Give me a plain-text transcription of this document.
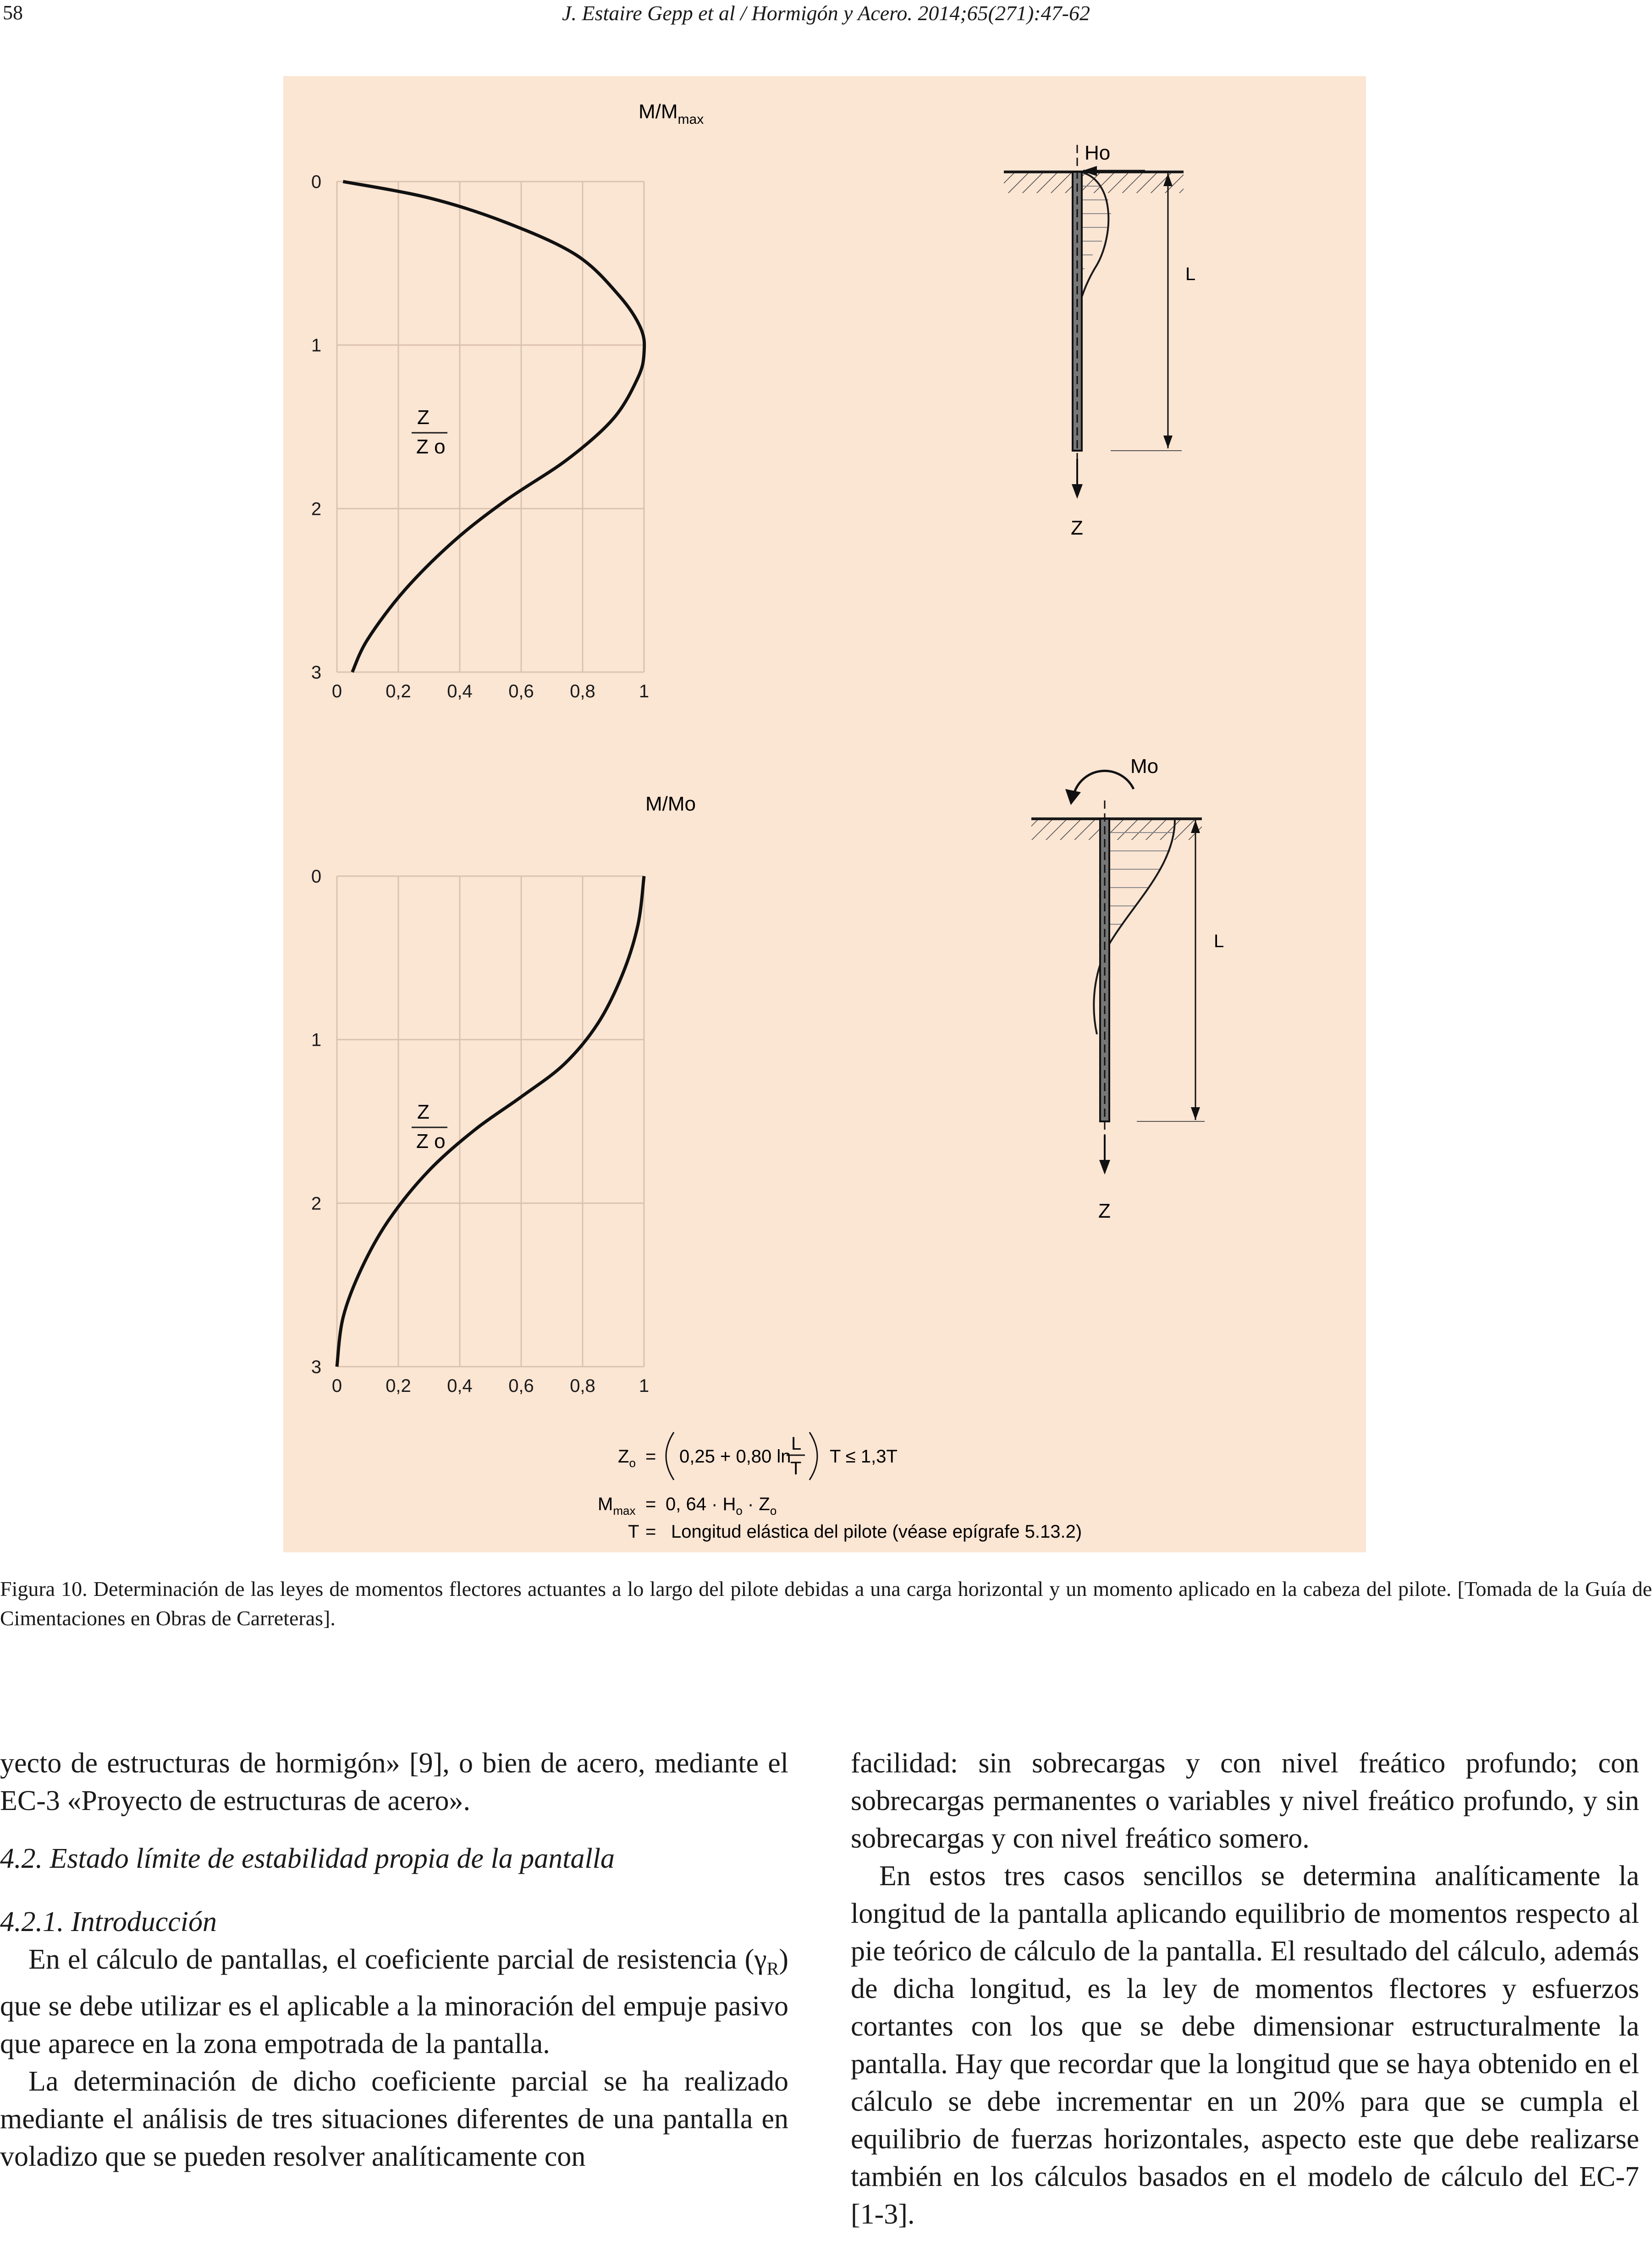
58	J. Estaire Gepp et al / Hormigón y Acero. 2014;65(271):47-62
$M/M_{max}$
0
1
2
3
0 0,2 0,4 0,6 0,8 1
Z
Z o
Ho
L
Z
M/Mo
0
1
2
3
0 0,2 0,4 0,6 0,8 1
Z
Z o
Mo
L
Z
$Z_o = 0,25 + 0,80$ ln
L
T
T ≤ 1,3T
$M_{max} = 0$, $64 \cdot H_o \cdot Z_o$
T = Longitud elástica del pilote (véase epígrafe 5.13.2)
Figura 10. Determinación de las leyes de momentos flectores actuantes a lo largo del pilote debidas a una carga horizontal y un momento aplicado en la cabeza del pilote. [Tomada de la Guía de Cimentaciones en Obras de Carreteras].

yecto de estructuras de hormigón» [9], o bien de acero, mediante el EC-3 «Proyecto de estructuras de acero».

4.2. Estado límite de estabilidad propia de la pantalla

4.2.1. Introducción

En el cálculo de pantallas, el coeficiente parcial de resistencia $(\gamma_R)$ que se debe utilizar es el aplicable a la minoración del empuje pasivo que aparece en la zona empotrada de la pantalla.

La determinación de dicho coeficiente parcial se ha realizado mediante el análisis de tres situaciones diferentes de una pantalla en voladizo que se pueden resolver analíticamente con

facilidad: sin sobrecargas y con nivel freático profundo; con sobrecargas permanentes o variables y nivel freático profundo, y sin sobrecargas y con nivel freático somero.

En estos tres casos sencillos se determina analíticamente la longitud de la pantalla aplicando equilibrio de momentos respecto al pie teórico de cálculo de la pantalla. El resultado del cálculo, además de dicha longitud, es la ley de momentos flectores y esfuerzos cortantes con los que se debe dimensionar estructuralmente la pantalla. Hay que recordar que la longitud que se haya obtenido en el cálculo se debe incrementar en un 20% para que se cumpla el equilibrio de fuerzas horizontales, aspecto este que debe realizarse también en los cálculos basados en el modelo de cálculo del EC-7 [1-3].
